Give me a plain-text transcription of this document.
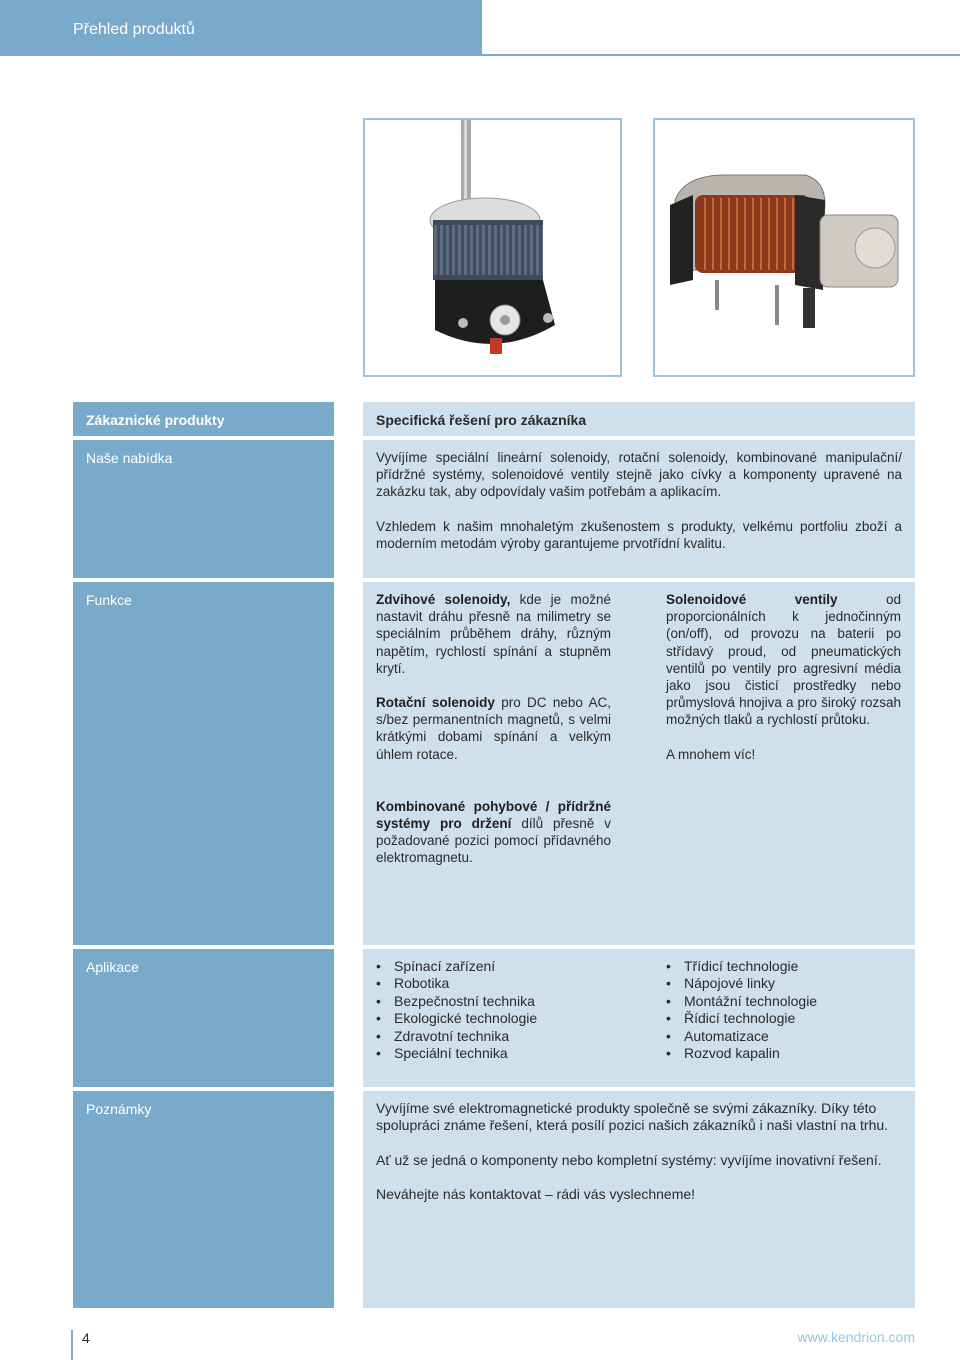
Přehled produktů
Zákaznické produkty	Specifická řešení pro zákazníka
Naše nabídka	Vyvíjíme speciální lineární solenoidy, rotační solenoidy, kombinované manipulační/ přídržné systémy, solenoidové ventily stejně jako cívky a komponenty upravené na zakázku tak, aby odpovídaly vašim potřebám a aplikacím.

Vzhledem k našim mnohaletým zkušenostem s produkty, velkému portfoliu zboží a moderním metodám výroby garantujeme prvotřídní kvalitu.

Funkce	Zdvihové solenoidy, kde je možné nastavit dráhu přesně na milimetry se speciálním průběhem dráhy, různým napětím, rychlostí spínání a stupněm krytí.

Rotační solenoidy pro DC nebo AC, s/bez permanentních magnetů, s velmi krátkými dobami spínání a velkým úhlem rotace.

Kombinované pohybové / přídržné systémy pro držení dílů přesně v požadované pozici pomocí přídavného elektromagnetu.

Solenoidové ventily od proporcionálních k jednočinným (on/off), od provozu na baterii po střídavý proud, od pneumatických ventilů po ventily pro agresivní média jako jsou čisticí prostředky nebo průmyslová hnojiva a pro široký rozsah možných tlaků a rychlostí průtoku.

A mnohem víc!

Aplikace
•	Spínací zařízení
• Robotika
• Bezpečnostní technika
• Ekologické technologie
• Zdravotní technika
• Speciální technika
• Třídicí technologie
• Nápojové linky
• Montážní technologie
• Řídicí technologie
• Automatizace
• Rozvod kapalin
Poznámky	Vyvíjíme své elektromagnetické produkty společně se svými zákazníky. Díky této spolupráci známe řešení, která posílí pozici našich zákazníků i naši vlastní na trhu.

Ať už se jedná o komponenty nebo kompletní systémy: vyvíjíme inovativní řešení.

Neváhejte nás kontaktovat – rádi vás vyslechneme!

4	www.kendrion.com
